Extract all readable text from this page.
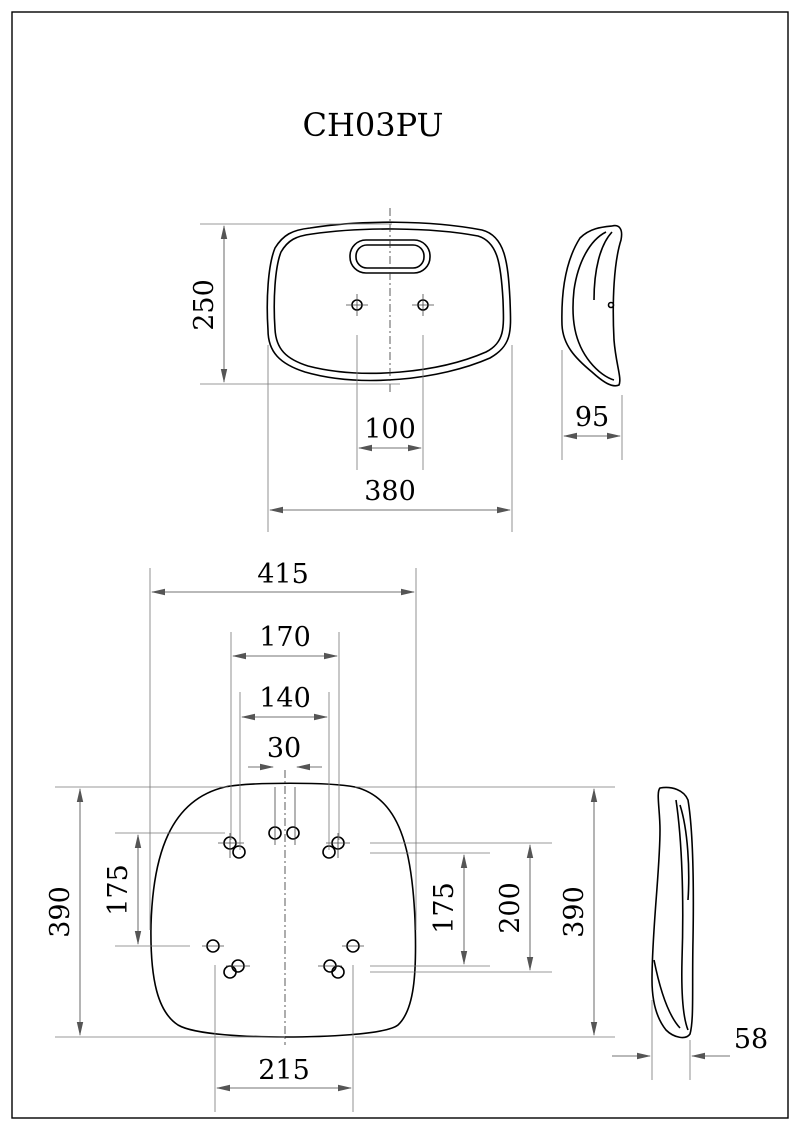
CH03PU
250
100
380
95
415
170
140
30
390 175	175 200 390
215
58
